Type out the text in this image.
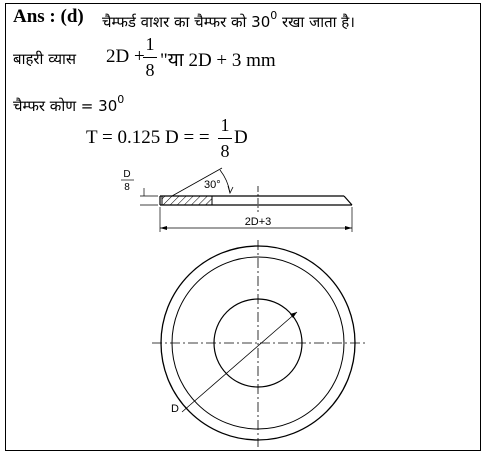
Ans : (d) चैम्फर्ड वाशर का चैम्फर को $30^0$ रखा जाता है।
बाहरी व्यास 2D +
1
8 "या 2D + 3 mm
चैम्फर कोण = $30^0$
T = 0.125 D = =
1
8
D
D
8	30°
2D+3
D
